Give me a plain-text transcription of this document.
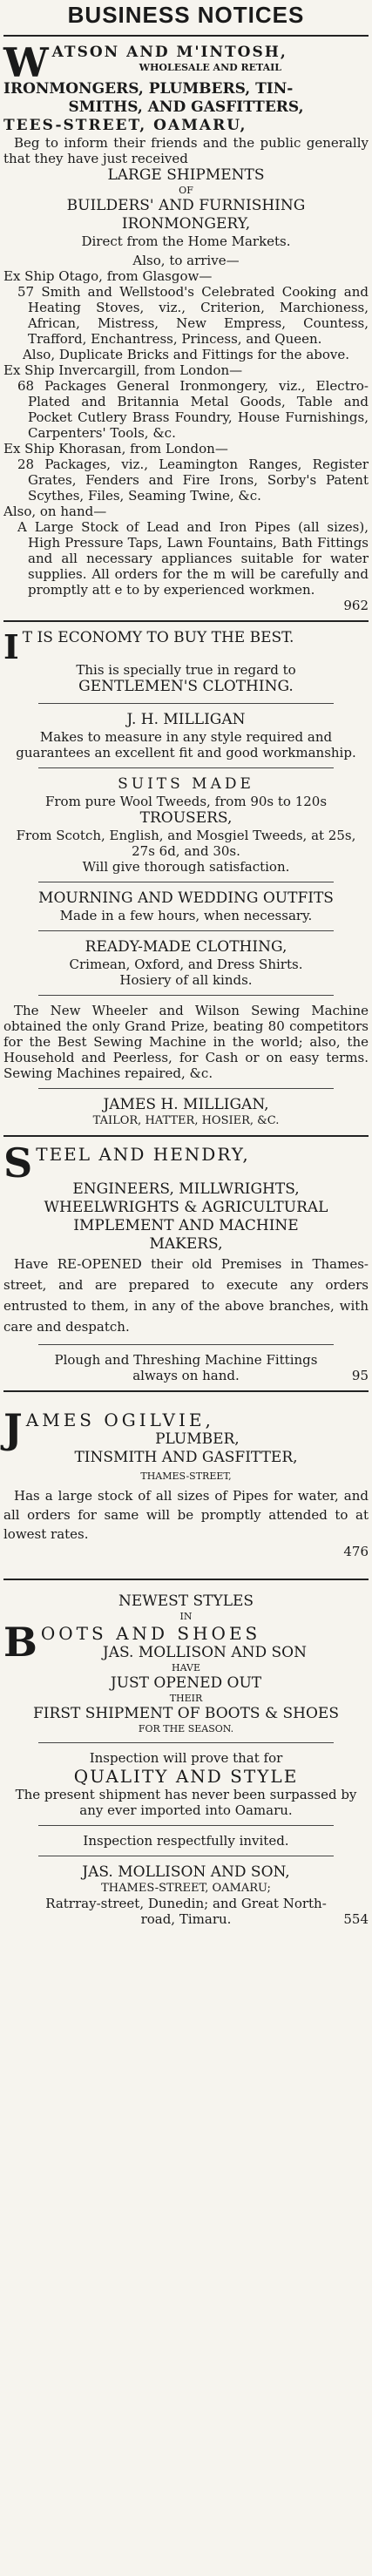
BUSINESS NOTICES
W ATSON AND M'INTOSH,
WHOLESALE AND RETAIL
IRONMONGERS, PLUMBERS, TIN-
SMITHS, AND GASFITTERS,
TEES-STREET, OAMARU,

Beg to inform their friends and the public generally that they have just received

LARGE SHIPMENTS
OF
BUILDERS' AND FURNISHING IRONMONGERY,
Direct from the Home Markets.
Also, to arrive—
Ex Ship Otago, from Glasgow—

57 Smith and Wellstood's Celebrated Cooking and Heating Stoves, viz., Criterion, Marchioness, African, Mistress, New Empress, Countess, Trafford, Enchantress, Princess, and Queen.

Also, Duplicate Bricks and Fittings for the above.

Ex Ship Invercargill, from London—

68 Packages General Ironmongery, viz., Electro-Plated and Britannia Metal Goods, Table and Pocket Cutlery Brass Foundry, House Furnishings, Carpenters' Tools, &c.

Ex Ship Khorasan, from London—

28 Packages, viz., Leamington Ranges, Register Grates, Fenders and Fire Irons, Sorby's Patent Scythes, Files, Seaming Twine, &c.

Also, on hand—

A Large Stock of Lead and Iron Pipes (all sizes), High Pressure Taps, Lawn Fountains, Bath Fittings and all necessary appliances suitable for water supplies. All orders for the m will be carefully and promptly att e to by experienced workmen.

962
I T IS ECONOMY TO BUY THE BEST.
This is specially true in regard to
GENTLEMEN'S CLOTHING.
J. H. MILLIGAN

Makes to measure in any style required and guarantees an excellent fit and good workmanship.

SUITS MADE
From pure Wool Tweeds, from 90s to 120s
TROUSERS,

From Scotch, English, and Mosgiel Tweeds, at 25s, 27s 6d, and 30s.

Will give thorough satisfaction.
MOURNING AND WEDDING OUTFITS
Made in a few hours, when necessary.
READY-MADE CLOTHING,
Crimean, Oxford, and Dress Shirts.
Hosiery of all kinds.

The New Wheeler and Wilson Sewing Machine obtained the only Grand Prize, beating 80 competitors for the Best Sewing Machine in the world; also, the Household and Peerless, for Cash or on easy terms. Sewing Machines repaired, &c.

JAMES H. MILLIGAN,
TAILOR, HATTER, HOSIER, &C.
S TEEL AND HENDRY,
ENGINEERS, MILLWRIGHTS,
WHEELWRIGHTS & AGRICULTURAL
IMPLEMENT AND MACHINE
MAKERS,

Have RE-OPENED their old Premises in Thames-street, and are prepared to execute any orders entrusted to them, in any of the above branches, with care and despatch.

Plough and Threshing Machine Fittings
always on hand.	95
J AMES OGILVIE,
PLUMBER,
TINSMITH AND GASFITTER,
THAMES-STREET,

Has a large stock of all sizes of Pipes for water, and all orders for same will be promptly attended to at lowest rates.

476
NEWEST STYLES
IN
B OOTS AND SHOES
JAS. MOLLISON AND SON
HAVE
JUST OPENED OUT
THEIR
FIRST SHIPMENT OF BOOTS & SHOES
FOR THE SEASON.
Inspection will prove that for
QUALITY AND STYLE

The present shipment has never been surpassed by any ever imported into Oamaru.

Inspection respectfully invited.
JAS. MOLLISON AND SON,
THAMES-STREET, OAMARU;

Ratrray-street, Dunedin; and Great North-road, Timaru.	554
